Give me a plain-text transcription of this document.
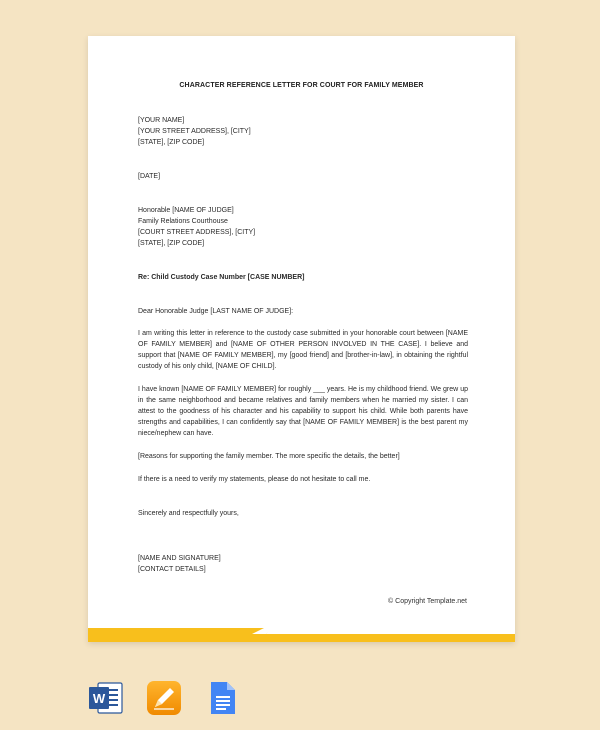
CHARACTER REFERENCE LETTER FOR COURT FOR FAMILY MEMBER
[YOUR NAME]
[YOUR STREET ADDRESS], [CITY]
[STATE], [ZIP CODE]
[DATE]
Honorable [NAME OF JUDGE]
Family Relations Courthouse
[COURT STREET ADDRESS], [CITY]
[STATE], [ZIP CODE]
Re: Child Custody Case Number [CASE NUMBER]
Dear Honorable Judge [LAST NAME OF JUDGE]:
I am writing this letter in reference to the custody case submitted in your honorable court between [NAME OF FAMILY MEMBER] and [NAME OF OTHER PERSON INVOLVED IN THE CASE]. I believe and support that [NAME OF FAMILY MEMBER], my [good friend] and [brother-in-law], in obtaining the rightful custody of his only child, [NAME OF CHILD].
I have known [NAME OF FAMILY MEMBER] for roughly ___ years. He is my childhood friend. We grew up in the same neighborhood and became relatives and family members when he married my sister. I can attest to the goodness of his character and his capability to support his child. While both parents have strengths and capabilities, I can confidently say that [NAME OF FAMILY MEMBER] is the best parent my niece/nephew can have.
[Reasons for supporting the family member. The more specific the details, the better]
If there is a need to verify my statements, please do not hesitate to call me.
Sincerely and respectfully yours,
[NAME AND SIGNATURE]
[CONTACT DETAILS]
© Copyright Template.net
W
